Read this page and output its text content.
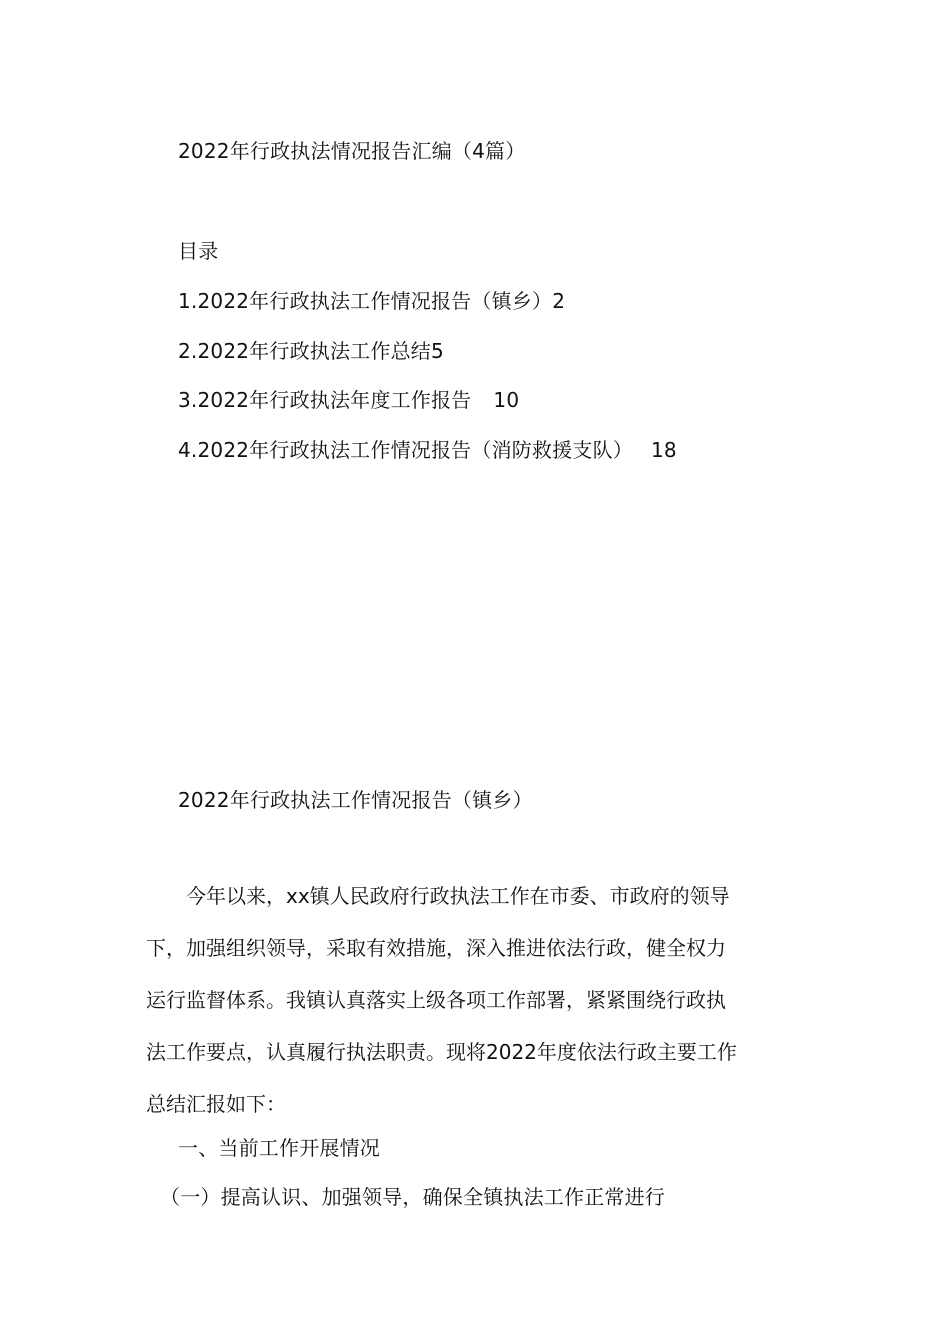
2022年行政执法情况报告汇编（4篇）
目录
1.2022年行政执法工作情况报告（镇乡）2
2.2022年行政执法工作总结5
3.2022年行政执法年度工作报告 10
4.2022年行政执法工作情况报告（消防救援支队） 18
2022年行政执法工作情况报告（镇乡）
　　今年以来，xx镇人民政府行政执法工作在市委、市政府的领导
下，加强组织领导，采取有效措施，深入推进依法行政，健全权力
运行监督体系。我镇认真落实上级各项工作部署，紧紧围绕行政执
法工作要点，认真履行执法职责。现将2022年度依法行政主要工作
总结汇报如下：
一、当前工作开展情况
（一）提高认识、加强领导，确保全镇执法工作正常进行
